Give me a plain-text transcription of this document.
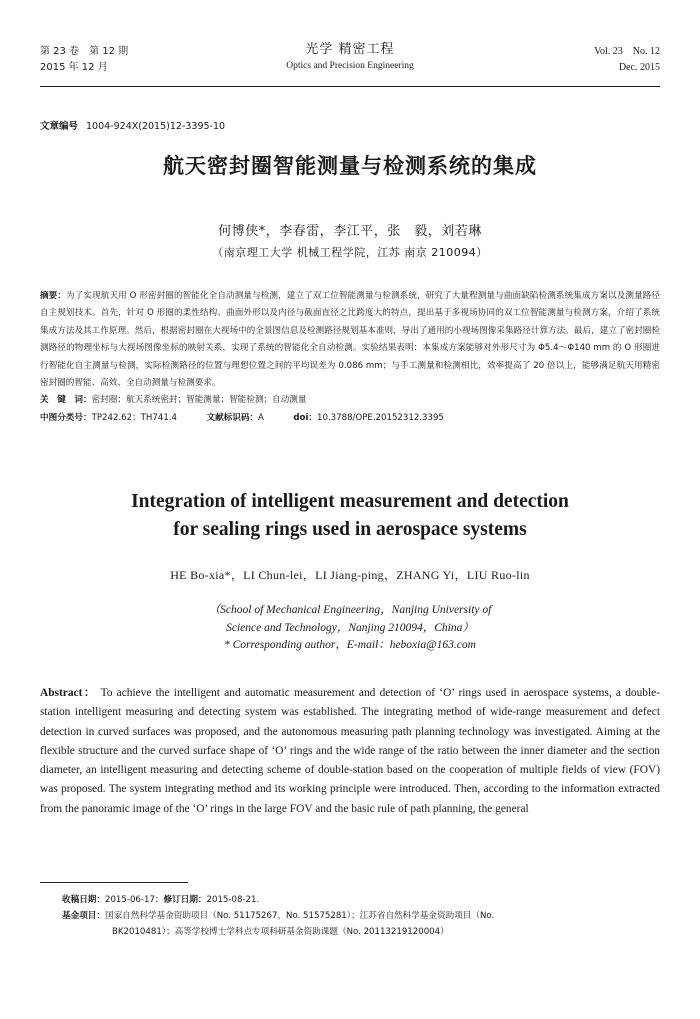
第 23 卷　第 12 期
2015 年 12 月
光学 精密工程
Optics and Precision Engineering
Vol. 23　No. 12
Dec. 2015
文章编号 1004-924X(2015)12-3395-10
航天密封圈智能测量与检测系统的集成
何博侠*，李春雷，李江平，张　毅，刘若琳
（南京理工大学 机械工程学院，江苏 南京 210094）

摘要：为了实现航天用 O 形密封圈的智能化全自动测量与检测，建立了双工位智能测量与检测系统，研究了大量程测量与曲面缺陷检测系统集成方案以及测量路径自主规划技术。首先，针对 O 形圈的柔性结构、曲面外形以及内径与截面直径之比跨度大的特点，提出基于多视场协同的双工位智能测量与检测方案，介绍了系统集成方法及其工作原理。然后，根据密封圈在大视场中的全景图信息及检测路径规划基本准则，导出了通用的小视场图像采集路径计算方法。最后，建立了密封圈检测路径的物理坐标与大视场图像坐标的映射关系，实现了系统的智能化全自动检测。实验结果表明：本集成方案能够对外形尺寸为 Φ5.4～Φ140 mm 的 O 形圈进行智能化自主测量与检测，实际检测路径的位置与理想位置之间的平均误差为 0.086 mm；与手工测量和检测相比，效率提高了 20 倍以上，能够满足航天用精密密封圈的智能、高效、全自动测量与检测要求。

关　键　词：密封圈；航天系统密封；智能测量；智能检测；自动测量

中图分类号：TP242.62；TH741.4	文献标识码：A	doi：10.3788/OPE.20152312.3395

Integration of intelligent measurement and detection
for sealing rings used in aerospace systems
HE Bo-xia*，LI Chun-lei，LI Jiang-ping，ZHANG Yi，LIU Ruo-lin
（School of Mechanical Engineering，Nanjing University of
Science and Technology，Nanjing 210094，China）
* Corresponding author，E-mail：heboxia@163.com
Abstract： To achieve the intelligent and automatic measurement and detection of ‘O’ rings used in aerospace systems, a double-station intelligent measuring and detecting system was established. The integrating method of wide-range measurement and defect detection in curved surfaces was proposed, and the autonomous measuring path planning technology was investigated. Aiming at the flexible structure and the curved surface shape of ‘O’ rings and the wide range of the ratio between the inner diameter and the section diameter, an intelligent measuring and detecting scheme of double-station based on the cooperation of multiple fields of view (FOV) was proposed. The system integrating method and its working principle were introduced. Then, according to the information extracted from the panoramic image of the ‘O’ rings in the large FOV and the basic rule of path planning, the general
收稿日期：2015-06-17；修订日期：2015-08-21.
基金项目：国家自然科学基金资助项目（No. 51175267，No. 51575281）；江苏省自然科学基金资助项目（No.
BK2010481）；高等学校博士学科点专项科研基金资助课题（No. 20113219120004）
